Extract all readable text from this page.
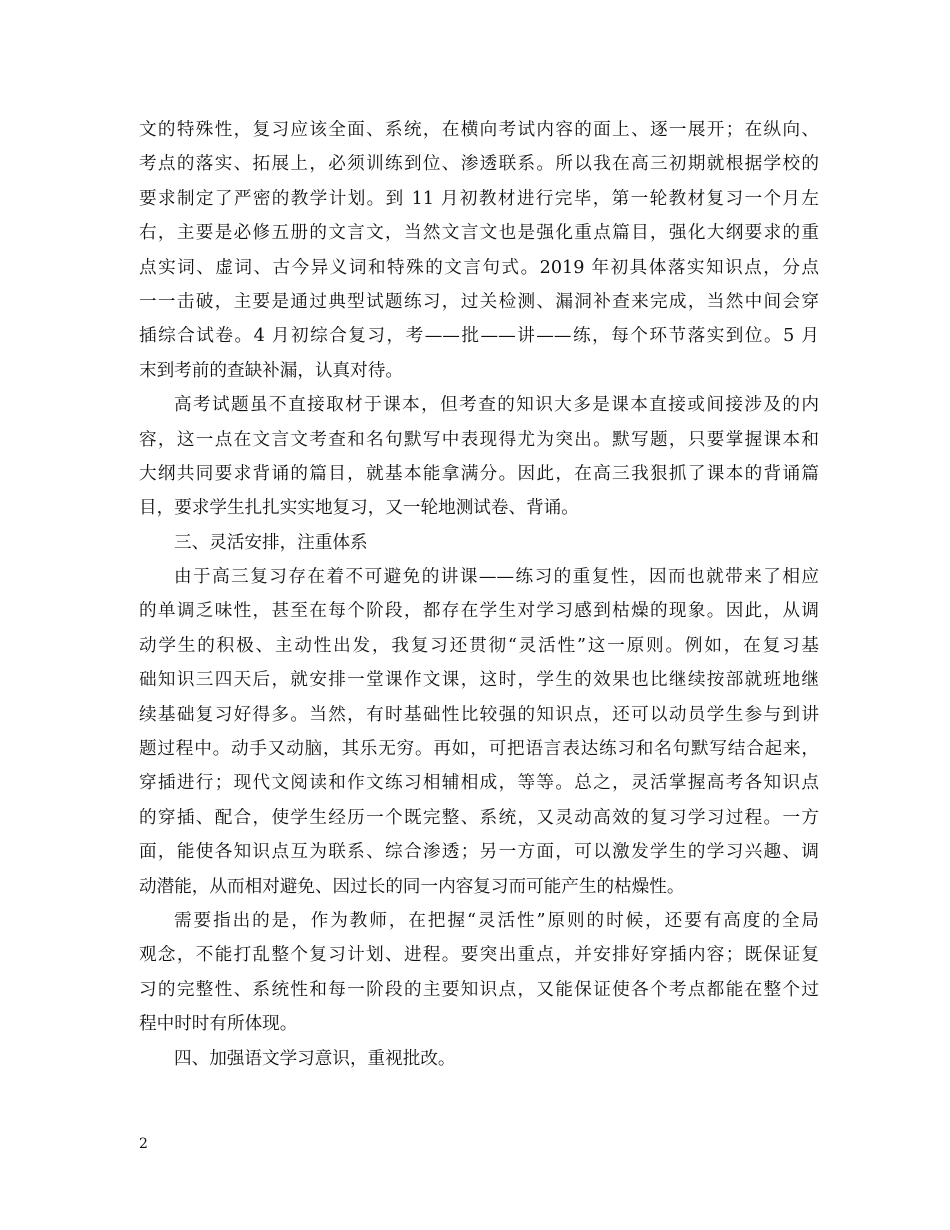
文的特殊性，复习应该全面、系统，在横向考试内容的面上、逐一展开；在纵向、
考点的落实、拓展上，必须训练到位、渗透联系。所以我在高三初期就根据学校的
要求制定了严密的教学计划。到 11 月初教材进行完毕，第一轮教材复习一个月左
右，主要是必修五册的文言文，当然文言文也是强化重点篇目，强化大纲要求的重
点实词、虚词、古今异义词和特殊的文言句式。2019 年初具体落实知识点，分点
一一击破，主要是通过典型试题练习，过关检测、漏洞补查来完成，当然中间会穿
插综合试卷。4 月初综合复习，考——批——讲——练，每个环节落实到位。5 月
末到考前的查缺补漏，认真对待。
高考试题虽不直接取材于课本，但考查的知识大多是课本直接或间接涉及的内
容，这一点在文言文考查和名句默写中表现得尤为突出。默写题，只要掌握课本和
大纲共同要求背诵的篇目，就基本能拿满分。因此，在高三我狠抓了课本的背诵篇
目，要求学生扎扎实实地复习，又一轮地测试卷、背诵。
三、灵活安排，注重体系
由于高三复习存在着不可避免的讲课——练习的重复性，因而也就带来了相应
的单调乏味性，甚至在每个阶段，都存在学生对学习感到枯燥的现象。因此，从调
动学生的积极、主动性出发，我复习还贯彻“灵活性”这一原则。例如，在复习基
础知识三四天后，就安排一堂课作文课，这时，学生的效果也比继续按部就班地继
续基础复习好得多。当然，有时基础性比较强的知识点，还可以动员学生参与到讲
题过程中。动手又动脑，其乐无穷。再如，可把语言表达练习和名句默写结合起来，
穿插进行；现代文阅读和作文练习相辅相成，等等。总之，灵活掌握高考各知识点
的穿插、配合，使学生经历一个既完整、系统，又灵动高效的复习学习过程。一方
面，能使各知识点互为联系、综合渗透；另一方面，可以激发学生的学习兴趣、调
动潜能，从而相对避免、因过长的同一内容复习而可能产生的枯燥性。
需要指出的是，作为教师，在把握“灵活性”原则的时候，还要有高度的全局
观念，不能打乱整个复习计划、进程。要突出重点，并安排好穿插内容；既保证复
习的完整性、系统性和每一阶段的主要知识点，又能保证使各个考点都能在整个过
程中时时有所体现。
四、加强语文学习意识，重视批改。
2
